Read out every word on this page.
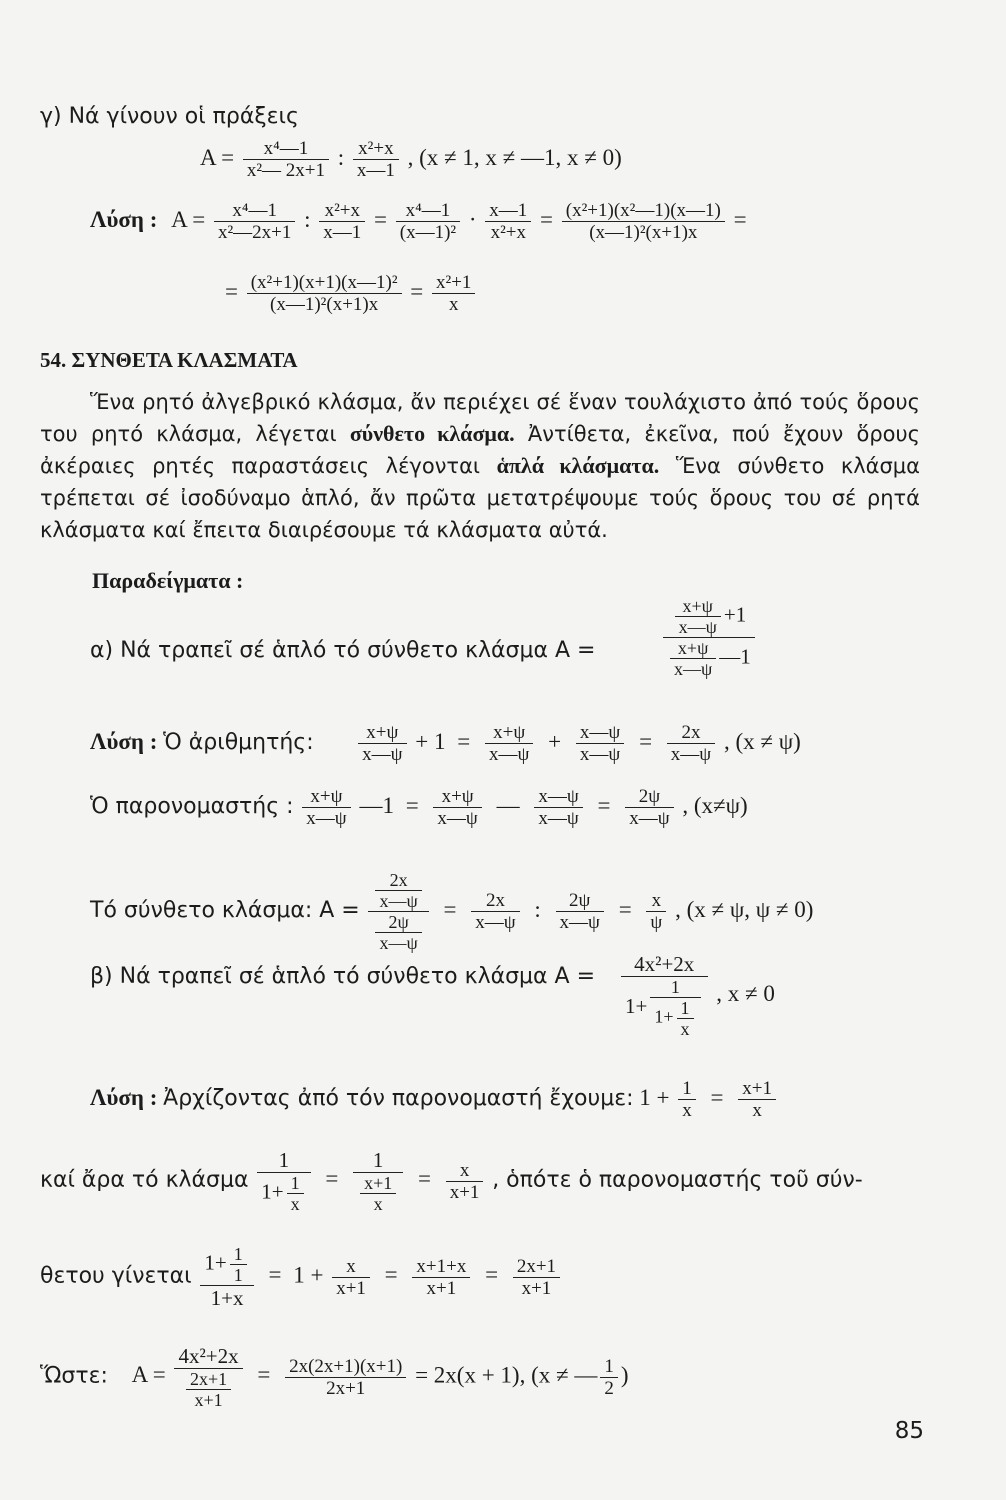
γ) Νά γίνουν οἱ πράξεις
$A = \frac{\text{x⁴—1}}{\text{x²— 2x+1}}$ : $\frac{\text{x²+x}}{x—1}$ , (x ≠ 1, x ≠ —1, x ≠ 0)
Λύση : $A = \frac{\text{x⁴—1}}{\text{x²—2x+1}}$ : $\frac{\text{x²+x}}{x—1} = \frac{\text{x⁴—1}}{\text{(x—1)²}} \cdot \frac{x—1}{\text{x²+x}} = \frac{\text{(x²+1)(x²—1)(x—1)}}{\text{(x—1)²(x+1)x}}$ =
= $\frac{\text{(x²+1)(x+1)(x—1)²}}{\text{(x—1)²(x+1)x}} = \frac{\text{x²+1}}{x}$
54. ΣΥΝΘΕΤΑ ΚΛΑΣΜΑΤΑ

Ἕνα ρητό ἀλγεβρικό κλάσμα, ἄν περιέχει σέ ἕναν τουλάχιστο ἀπό τούς ὅρους του ρητό κλάσμα, λέγεται σύνθετο κλάσμα. Ἀντίθετα, ἐκεῖνα, πού ἔχουν ὅρους ἀκέραιες ρητές παραστάσεις λέγονται ἁπλά κλάσματα. Ἕνα σύνθετο κλάσμα τρέπεται σέ ἰσοδύναμο ἁπλό, ἄν πρῶτα μετατρέψουμε τούς ὅρους του σέ ρητά κλάσματα καί ἔπειτα διαιρέσουμε τά κλάσματα αὐτά.

Παραδείγματα :
α) Νά τραπεῖ σέ ἁπλό τό σύνθετο κλάσμα A =	$\frac{\frac{x+\psi}{x—\psi} +1}{\frac{x+\psi}{x—\psi} —1}$
Λύση : Ὁ ἀριθμητής: $\frac{x+\psi}{x—\psi} + 1 = \frac{x+\psi}{x—\psi} + \frac{x—\psi}{x—\psi} = \frac{2x}{x—\psi}$ , (x ≠ ψ)
Ὁ παρονομαστής : $\frac{x+\psi}{x—\psi}$ —1 = $\frac{x+\psi}{x—\psi}$ — $\frac{x—\psi}{x—\psi} = \frac{2\psi}{x—\psi}$ , (x≠ψ)
Τό σύνθετο κλάσμα: $A = \frac{\frac{2x}{x—\psi}}{\frac{2\psi}{x—\psi}} = \frac{2x}{x—\psi}$ : $\frac{2\psi}{x—\psi} = \frac{x}{\psi}$ , (x ≠ ψ, ψ ≠ 0)
β) Νά τραπεῖ σέ ἁπλό τό σύνθετο κλάσμα $A = \frac{\text{4x²+2x}}{1+ \frac{1}{1+ \frac{1}{x}}}$ , x ≠ 0
Λύση : Ἀρχίζοντας ἀπό τόν παρονομαστή ἔχουμε: $1 + \frac{1}{x} = \frac{x+1}{x}$
καί ἄρα τό κλάσμα $\frac{1}{1+ \frac{1}{x}} = \frac{1}{\frac{x+1}{x}} = \frac{x}{x+1}$ , ὁπότε ὁ παρονομαστής τοῦ σύν-
θετου γίνεται $\frac{1+ \frac{1}{1}}{1+x} = 1 + \frac{x}{x+1} = \frac{x+1+x}{x+1} = \frac{2x+1}{x+1}$
Ὥστε: $A = \frac{\text{4x²+2x}}{\frac{2x+1}{x+1}} = \frac{2x(2x+1)(x+1)}{2x+1} = 2x(x + 1)$, (x ≠ — $\frac{1}{2}$ )
85
